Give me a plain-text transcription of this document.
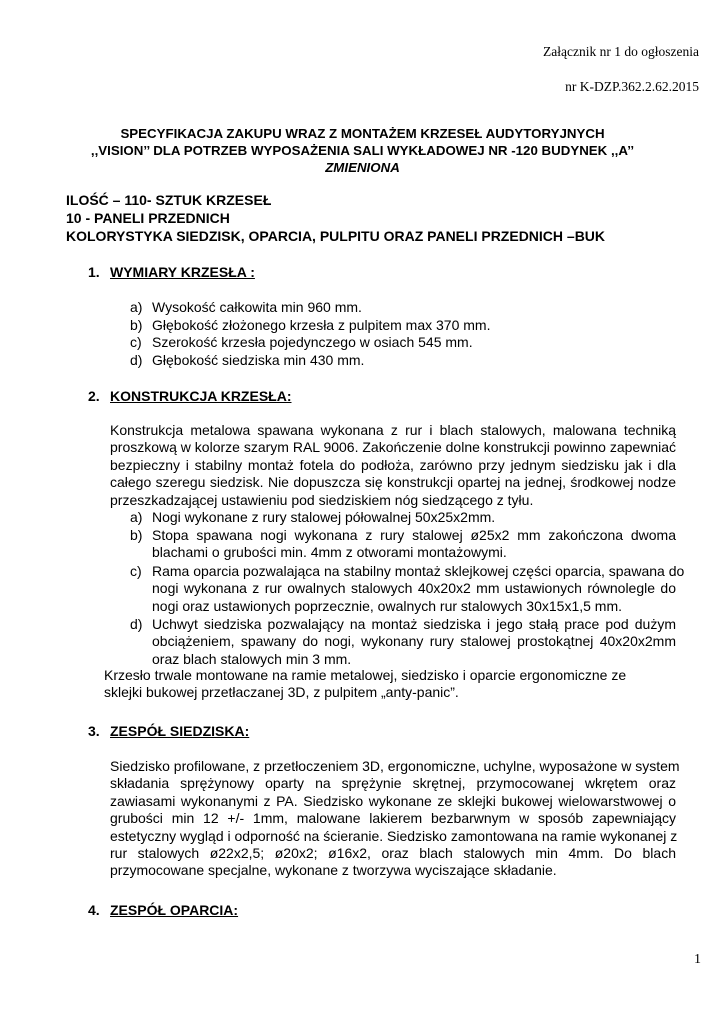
Załącznik nr 1 do ogłoszenia
nr K-DZP.362.2.62.2015
SPECYFIKACJA ZAKUPU WRAZ Z MONTAŻEM KRZESEŁ AUDYTORYJNYCH
,,VISION’’ DLA POTRZEB WYPOSAŻENIA SALI WYKŁADOWEJ NR -120 BUDYNEK ,,A’’
ZMIENIONA
ILOŚĆ – 110- SZTUK KRZESEŁ
10 - PANELI PRZEDNICH
KOLORYSTYKA SIEDZISK, OPARCIA, PULPITU ORAZ PANELI PRZEDNICH –BUK
1. WYMIARY KRZESŁA :
a) Wysokość całkowita min 960 mm.
b) Głębokość złożonego krzesła z pulpitem max 370 mm.
c) Szerokość krzesła pojedynczego w osiach 545 mm.
d) Głębokość siedziska min 430 mm.
2. KONSTRUKCJA KRZESŁA:
Konstrukcja metalowa spawana wykonana z rur i blach stalowych, malowana techniką
proszkową w kolorze szarym RAL 9006. Zakończenie dolne konstrukcji powinno zapewniać
bezpieczny i stabilny montaż fotela do podłoża, zarówno przy jednym siedzisku jak i dla
całego szeregu siedzisk. Nie dopuszcza się konstrukcji opartej na jednej, środkowej nodze
przeszkadzającej ustawieniu pod siedziskiem nóg siedzącego z tyłu.
a) Nogi wykonane z rury stalowej półowalnej 50x25x2mm.
b) Stopa spawana nogi wykonana z rury stalowej ø25x2 mm zakończona dwoma
blachami o grubości min. 4mm z otworami montażowymi.
c) Rama oparcia pozwalająca na stabilny montaż sklejkowej części oparcia, spawana do
nogi wykonana z rur owalnych stalowych 40x20x2 mm ustawionych równolegle do
nogi oraz ustawionych poprzecznie, owalnych rur stalowych 30x15x1,5 mm.
d) Uchwyt siedziska pozwalający na montaż siedziska i jego stałą prace pod dużym
obciążeniem, spawany do nogi, wykonany rury stalowej prostokątnej 40x20x2mm
oraz blach stalowych min 3 mm.
Krzesło trwale montowane na ramie metalowej, siedzisko i oparcie ergonomiczne ze
sklejki bukowej przetłaczanej 3D, z pulpitem „anty-panic”.
3. ZESPÓŁ SIEDZISKA:
Siedzisko profilowane, z przetłoczeniem 3D, ergonomiczne, uchylne, wyposażone w system
składania sprężynowy oparty na sprężynie skrętnej, przymocowanej wkrętem oraz
zawiasami wykonanymi z PA. Siedzisko wykonane ze sklejki bukowej wielowarstwowej o
grubości min 12 +/- 1mm, malowane lakierem bezbarwnym w sposób zapewniający
estetyczny wygląd i odporność na ścieranie. Siedzisko zamontowana na ramie wykonanej z
rur stalowych ø22x2,5; ø20x2; ø16x2, oraz blach stalowych min 4mm. Do blach
przymocowane specjalne, wykonane z tworzywa wyciszające składanie.
4. ZESPÓŁ OPARCIA:
1
